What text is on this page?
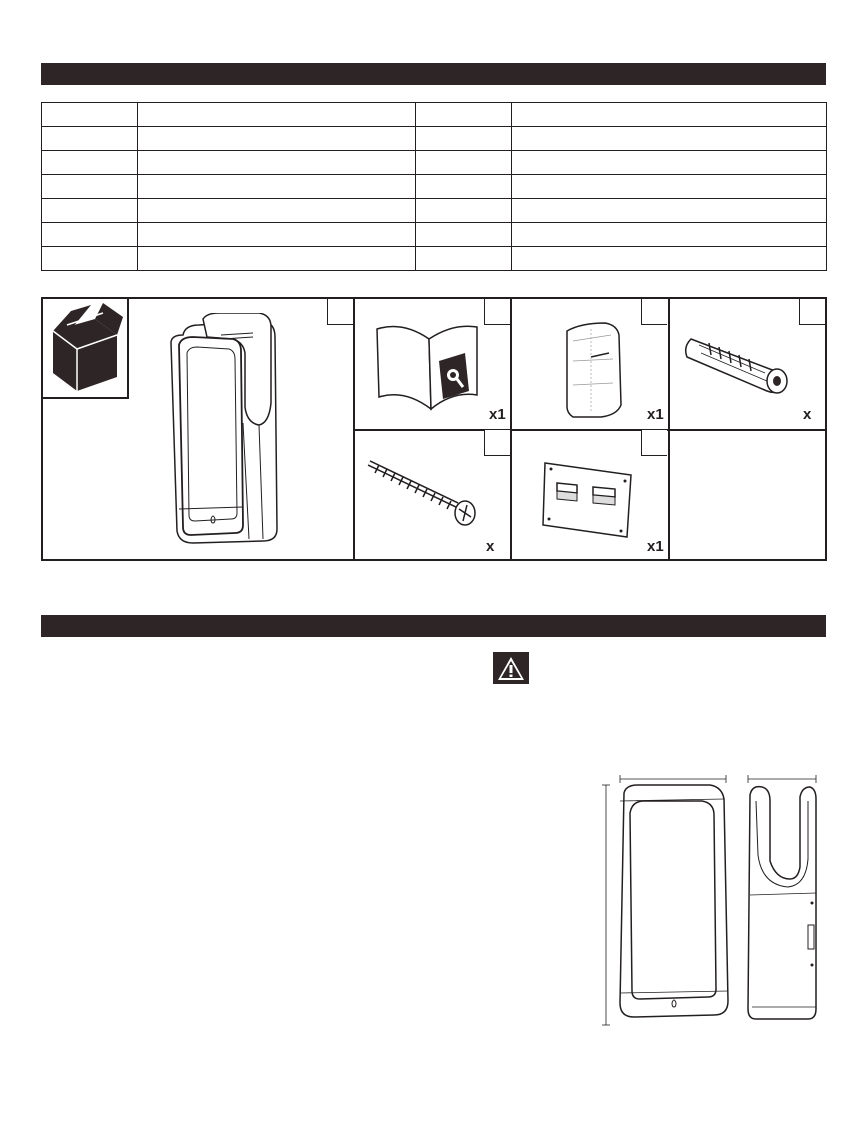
x1	x1	x
x	x1
